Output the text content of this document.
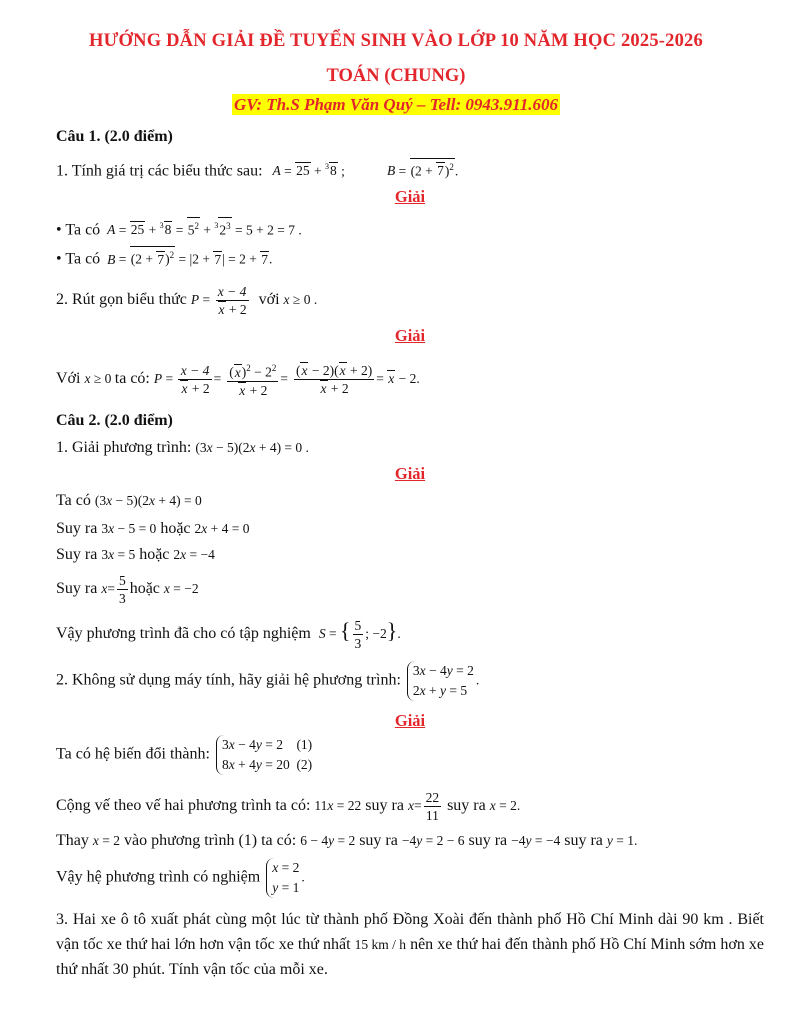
HƯỚNG DẪN GIẢI ĐỀ TUYỂN SINH VÀO LỚP 10 NĂM HỌC 2025-2026
TOÁN (CHUNG)
GV: Th.S Phạm Văn Quý – Tell: 0943.911.606
Câu 1. (2.0 điểm)
1. Tính giá trị các biểu thức sau: A = 25 + $^3$8 ;	$B = (2 + 7)^2$.
Giải
• Ta có $A = 25 + ^38 = 5^2 + ^32^3 = 5 + 2 = 7$ .
• Ta có $B = (2 + 7)^2 = |2 + 7| = 2 + 7$.
2. Rút gọn biểu thức $P = \frac{x - 4}{x + 2}$ với x ≥ 0 .
Giải
Với x ≥ 0 ta có: $P = \frac{x - 4}{x + 2} = \frac{(x)^2 - 2^2}{x + 2} = \frac{(x - 2)(x + 2)}{x + 2} = x - 2$.
Câu 2. (2.0 điểm)
1. Giải phương trình: (3x − 5)(2x + 4) = 0 .
Giải
Ta có (3x − 5)(2x + 4) = 0
Suy ra 3x − 5 = 0 hoặc 2x + 4 = 0
Suy ra 3x = 5 hoặc 2x = −4
Suy ra $x= \frac{5}{3}$ hoặc x = −2
Vậy phương trình đã cho có tập nghiệm S = { $\frac{5}{3}$ ; −2}.
2. Không sử dụng máy tính, hãy giải hệ phương trình:
3x − 4y = 2
2x + y = 5
.
Giải
Ta có hệ biến đổi thành:
3x − 4y = 2    (1)
8x + 4y = 20  (2)
Cộng vế theo vế hai phương trình ta có: 11x = 22 suy ra $x= \frac{22}{11}$ suy ra x = 2.
Thay x = 2 vào phương trình (1) ta có: 6 − 4y = 2 suy ra −4y = 2 − 6 suy ra −4y = −4 suy ra y = 1.
Vậy hệ phương trình có nghiệm
x = 2
y = 1
.
3. Hai xe ô tô xuất phát cùng một lúc từ thành phố Đồng Xoài đến thành phố Hồ Chí Minh dài 90 km . Biết vận tốc xe thứ hai lớn hơn vận tốc xe thứ nhất 15 km / h nên xe thứ hai đến thành phố Hồ Chí Minh sớm hơn xe thứ nhất 30 phút. Tính vận tốc của mỗi xe.
